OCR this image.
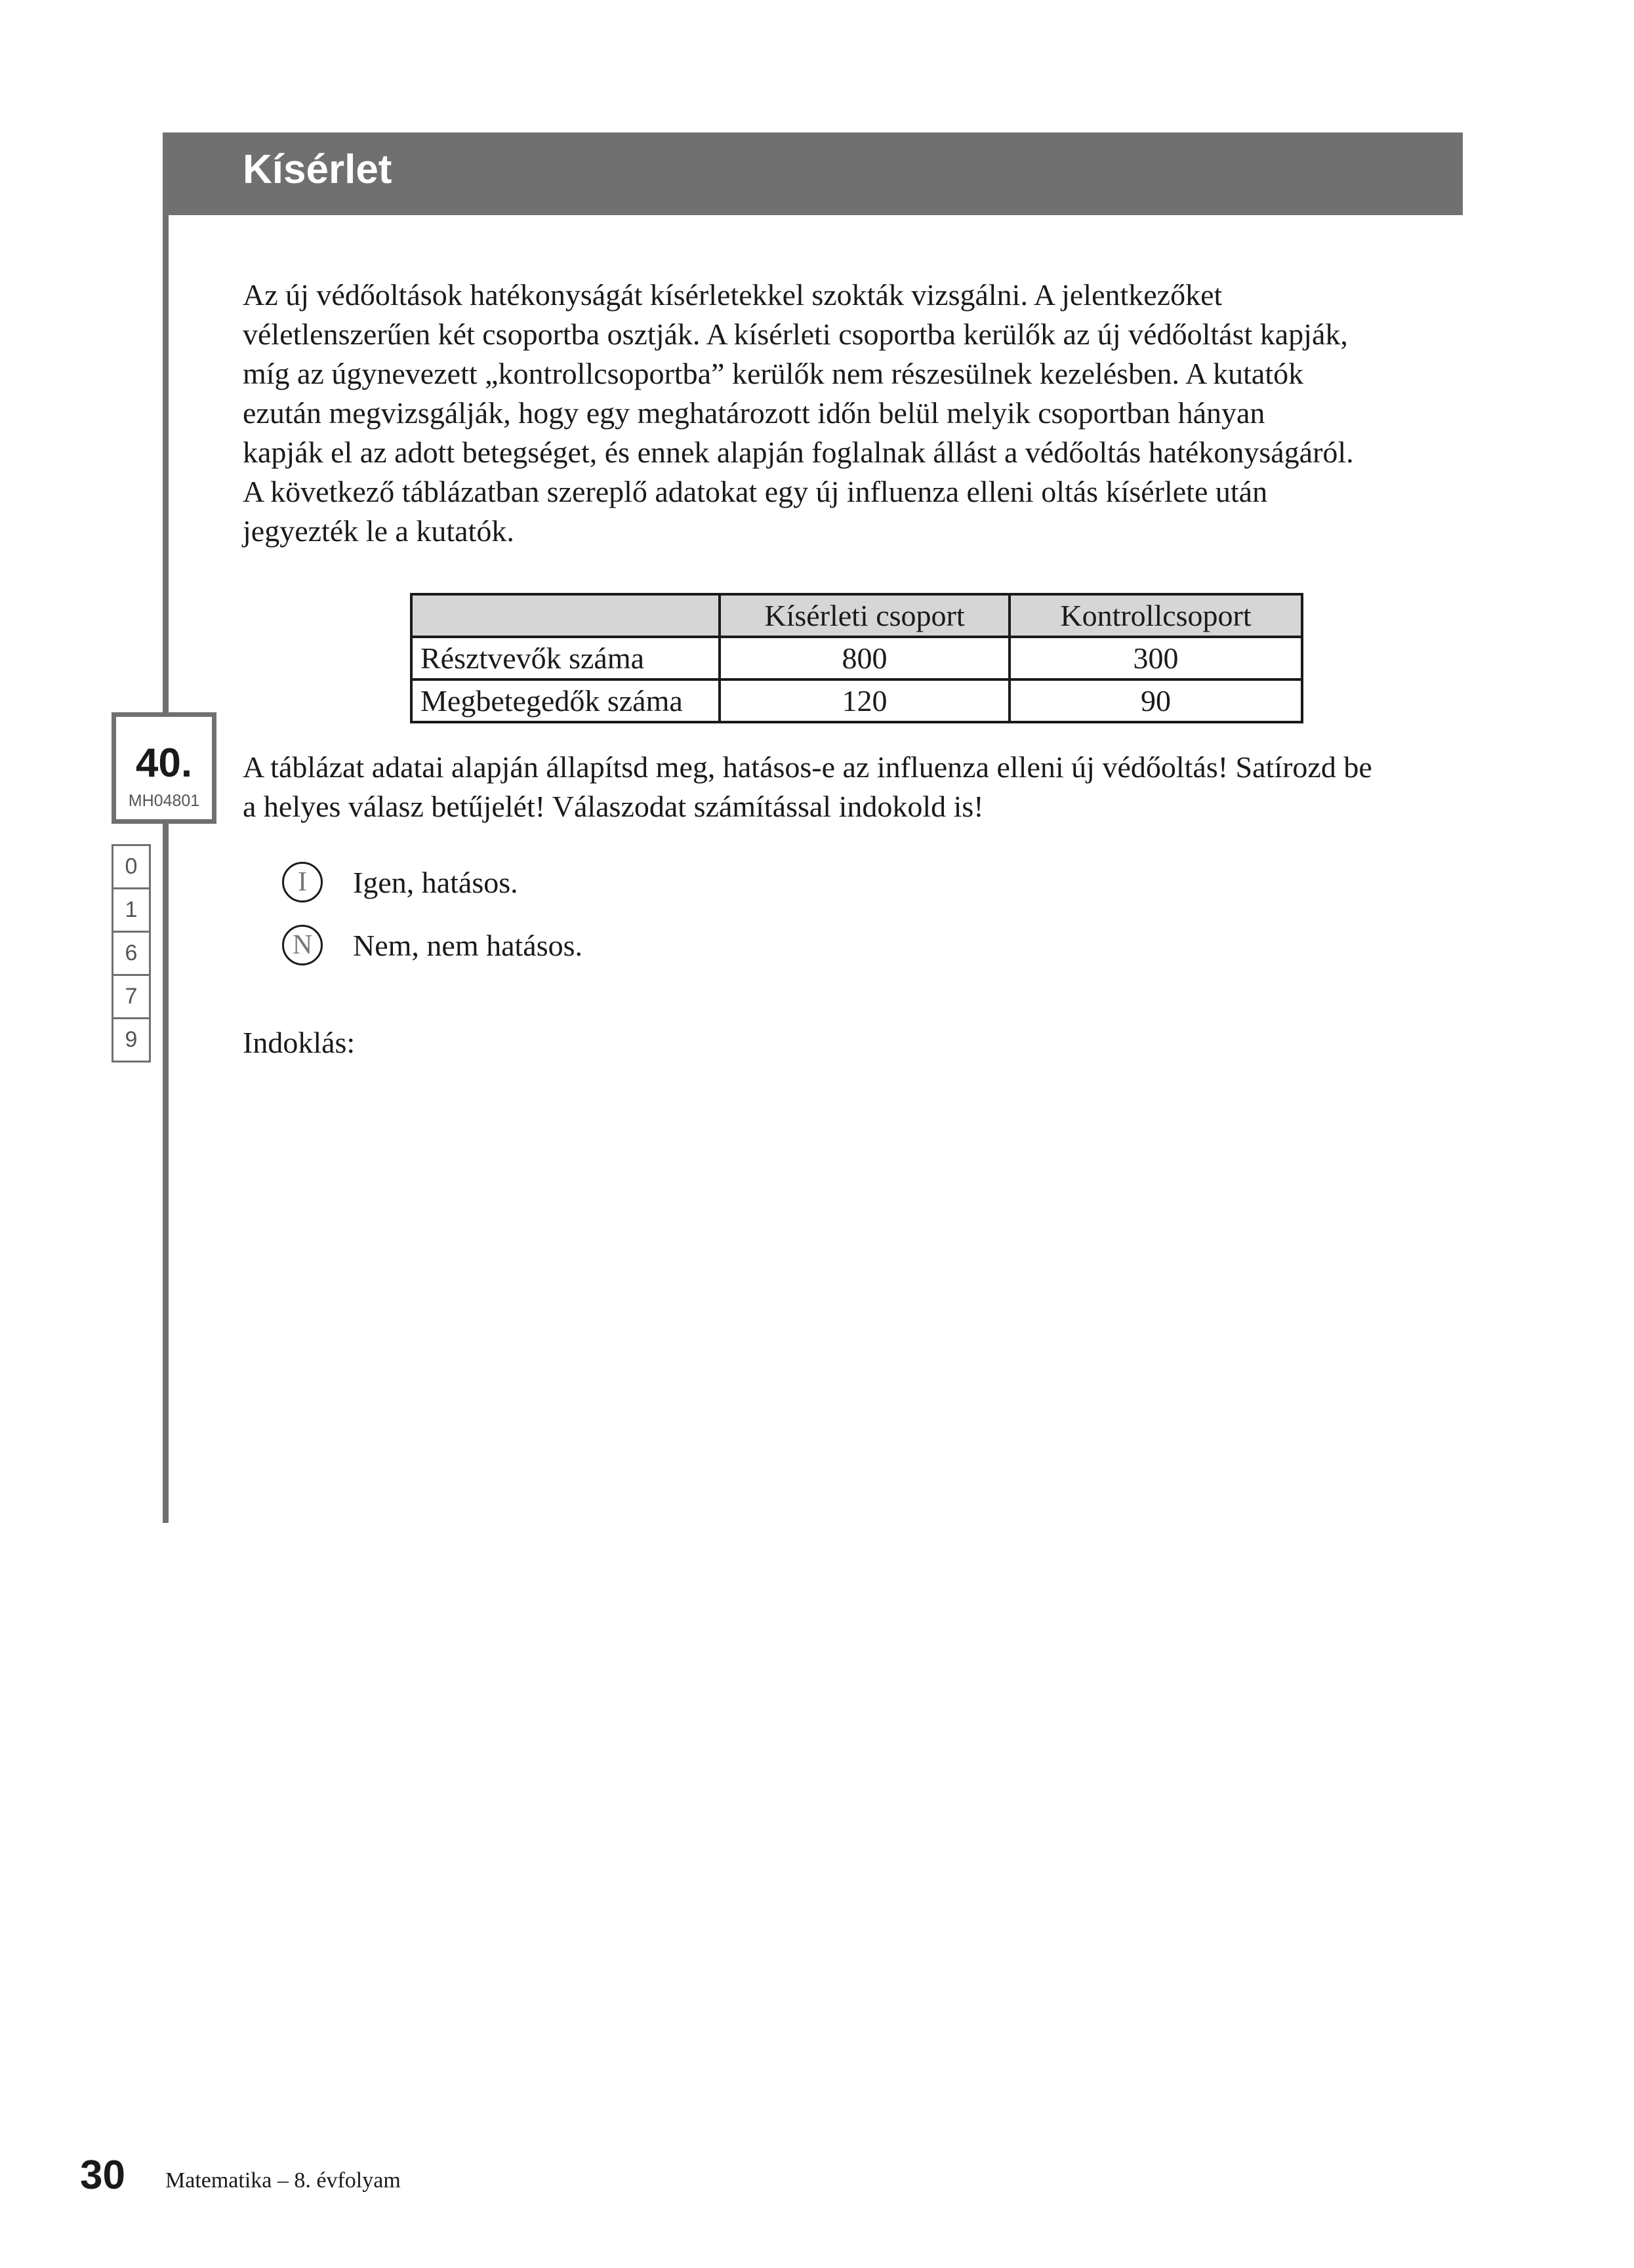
Kísérlet

Az új védőoltások hatékonyságát kísérletekkel szokták vizsgálni. A jelentkezőket
véletlenszerűen két csoportba osztják. A kísérleti csoportba kerülők az új védőoltást kapják,
míg az úgynevezett „kontrollcsoportba” kerülők nem részesülnek kezelésben. A kutatók
ezután megvizsgálják, hogy egy meghatározott időn belül melyik csoportban hányan
kapják el az adott betegséget, és ennek alapján foglalnak állást a védőoltás hatékonyságáról.
A következő táblázatban szereplő adatokat egy új influenza elleni oltás kísérlete után
jegyezték le a kutatók.

	Kísérleti csoport	Kontrollcsoport
Résztvevők száma	800	300
Megbetegedők száma	120	90
40.
MH04801
0
1
6
7
9

A táblázat adatai alapján állapítsd meg, hatásos-e az influenza elleni új védőoltás! Satírozd be
a helyes válasz betűjelét! Válaszodat számítással indokold is!

I	Igen, hatásos.
N	Nem, nem hatásos.
Indoklás:
30 Matematika – 8. évfolyam
